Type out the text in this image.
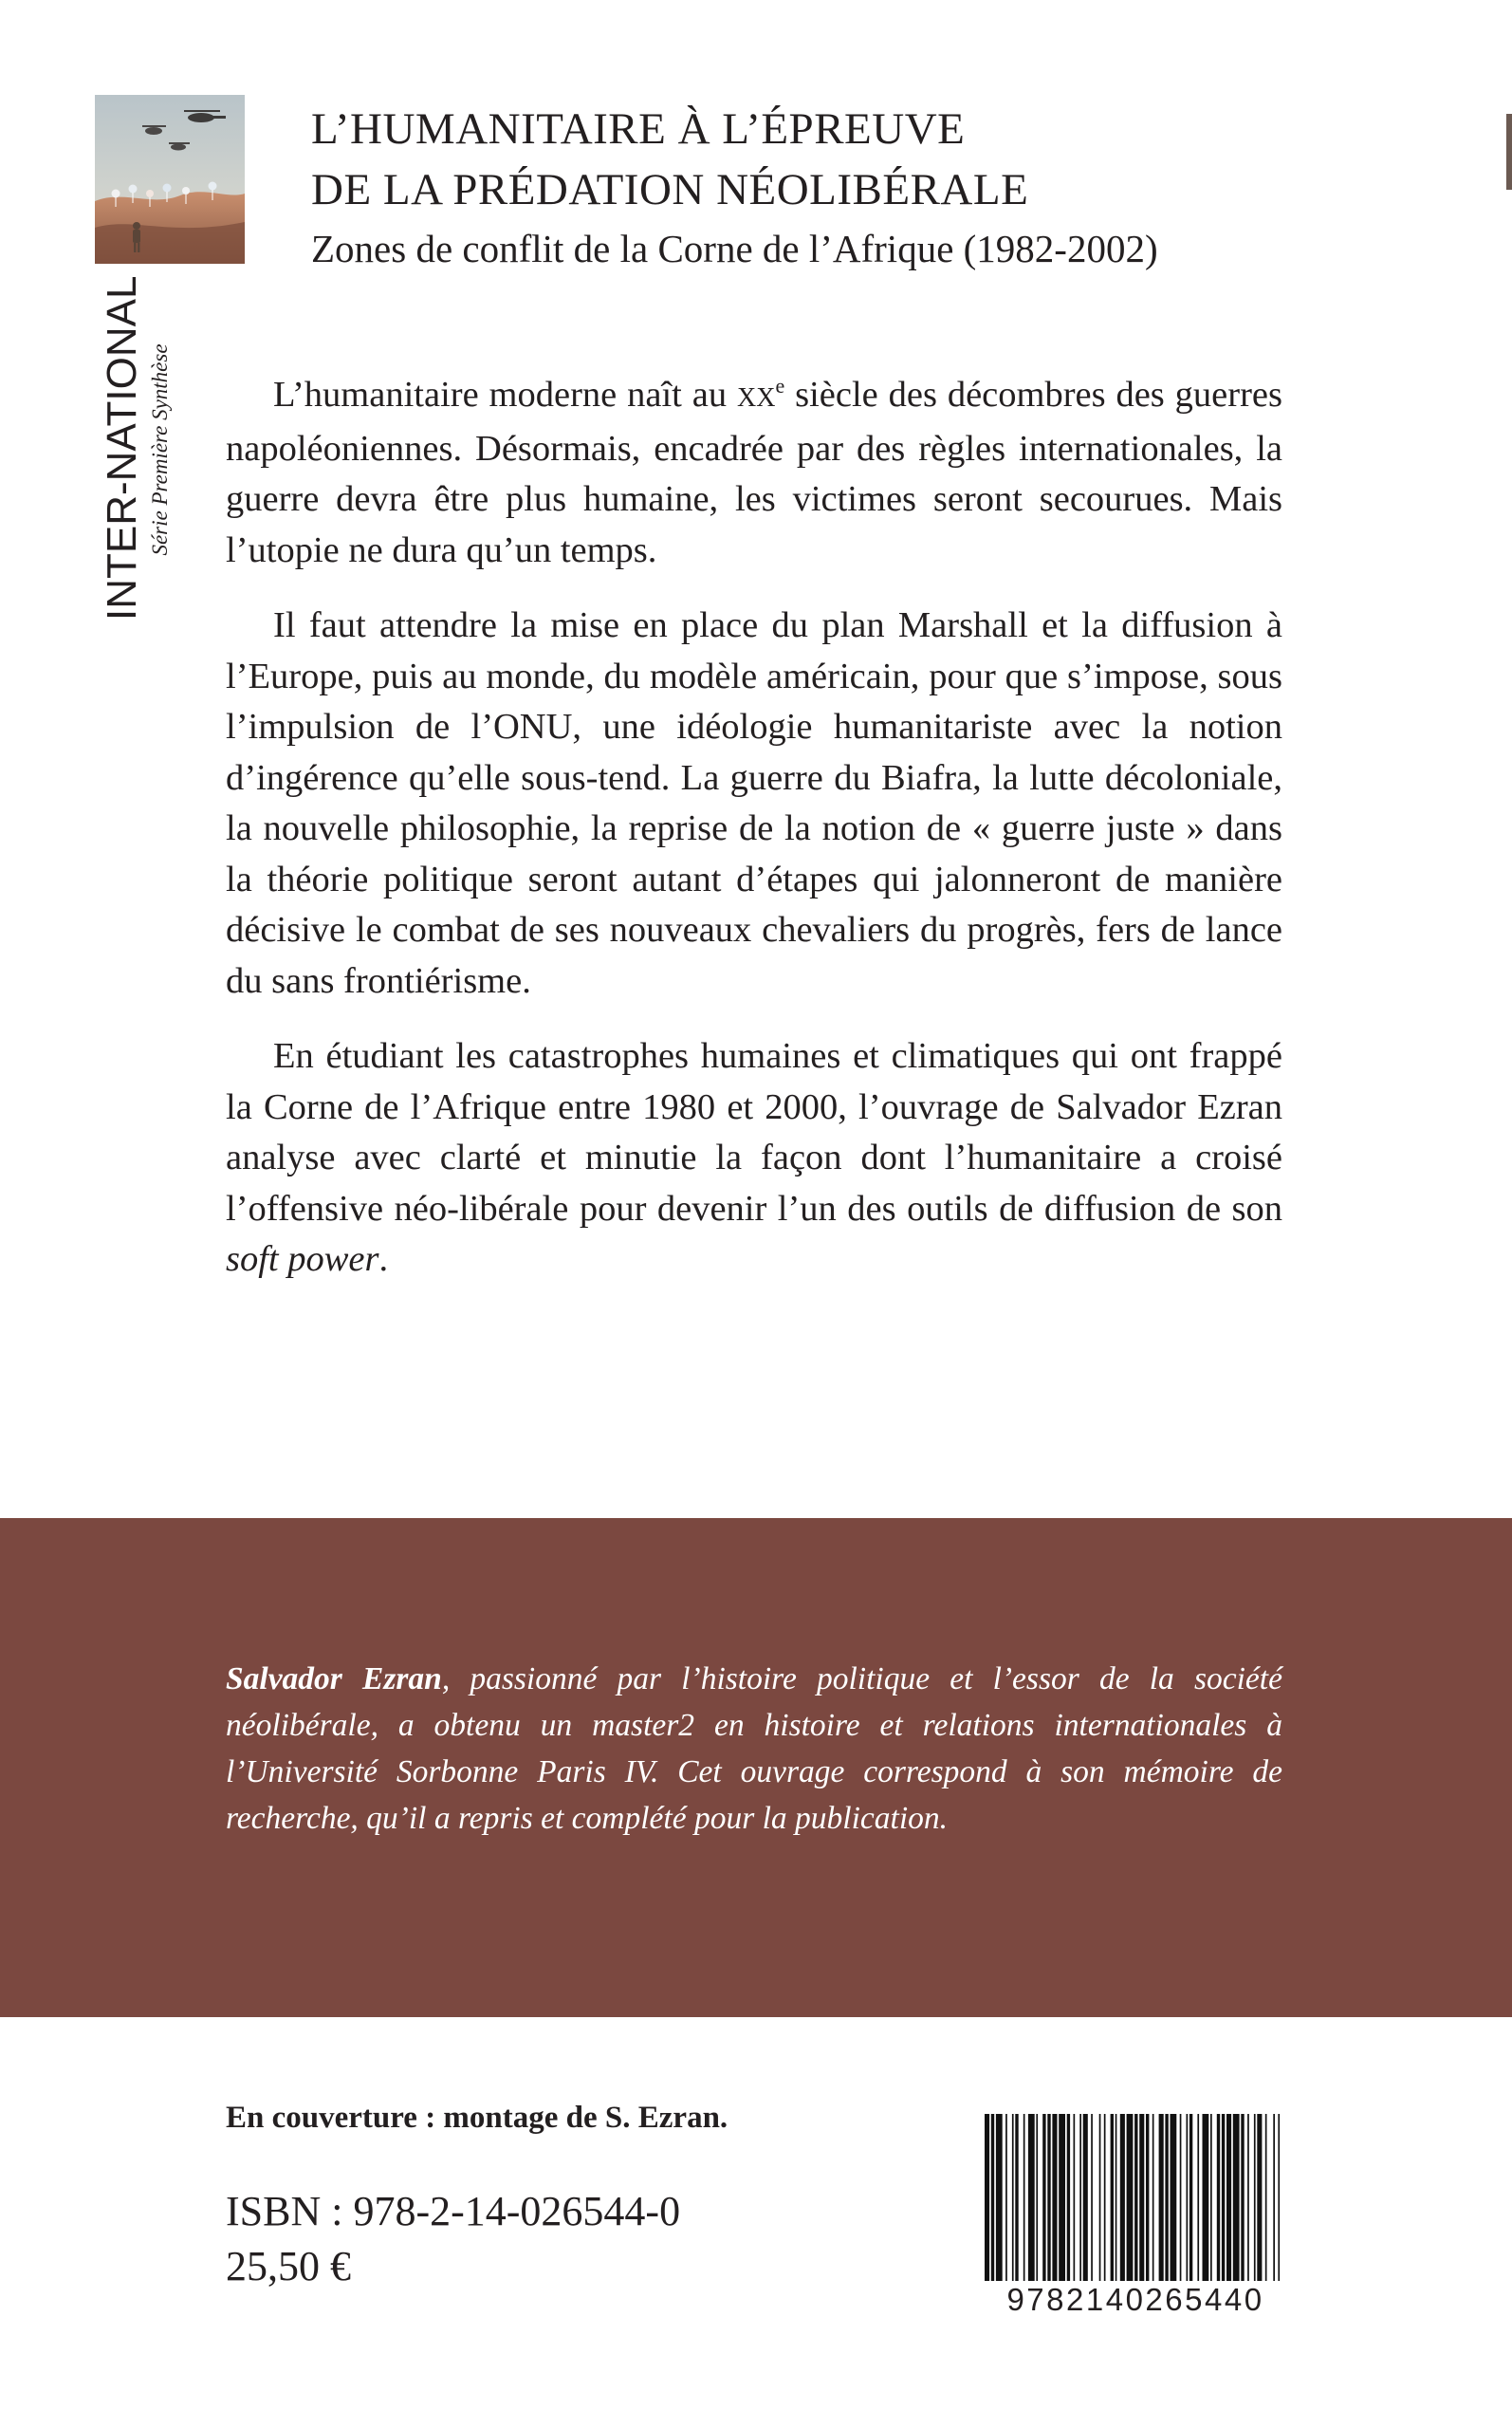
INTER-NATIONAL Série Première Synthèse
L’HUMANITAIRE À L’ÉPREUVE
DE LA PRÉDATION NÉOLIBÉRALE
Zones de conflit de la Corne de l’Afrique (1982-2002)

L’humanitaire moderne naît au XXe siècle des décombres des guerres napoléoniennes. Désormais, encadrée par des règles internationales, la guerre devra être plus humaine, les victimes seront secourues. Mais l’utopie ne dura qu’un temps.

Il faut attendre la mise en place du plan Marshall et la diffusion à l’Europe, puis au monde, du modèle américain, pour que s’impose, sous l’impulsion de l’ONU, une idéologie humanitariste avec la notion d’ingérence qu’elle sous-tend. La guerre du Biafra, la lutte décoloniale, la nouvelle philosophie, la reprise de la notion de « guerre juste » dans la théorie politique seront autant d’étapes qui jalonneront de manière décisive le combat de ses nouveaux chevaliers du progrès, fers de lance du sans frontiérisme.

En étudiant les catastrophes humaines et climatiques qui ont frappé la Corne de l’Afrique entre 1980 et 2000, l’ouvrage de Salvador Ezran analyse avec clarté et minutie la façon dont l’humanitaire a croisé l’offensive néo-libérale pour devenir l’un des outils de diffusion de son soft power.

Salvador Ezran, passionné par l’histoire politique et l’essor de la société néolibérale, a obtenu un master2 en histoire et relations internationales à l’Université Sorbonne Paris IV. Cet ouvrage correspond à son mémoire de recherche, qu’il a repris et complété pour la publication.

En couverture : montage de S. Ezran.
ISBN : 978-2-14-026544-0
25,50 €
9782140265440
